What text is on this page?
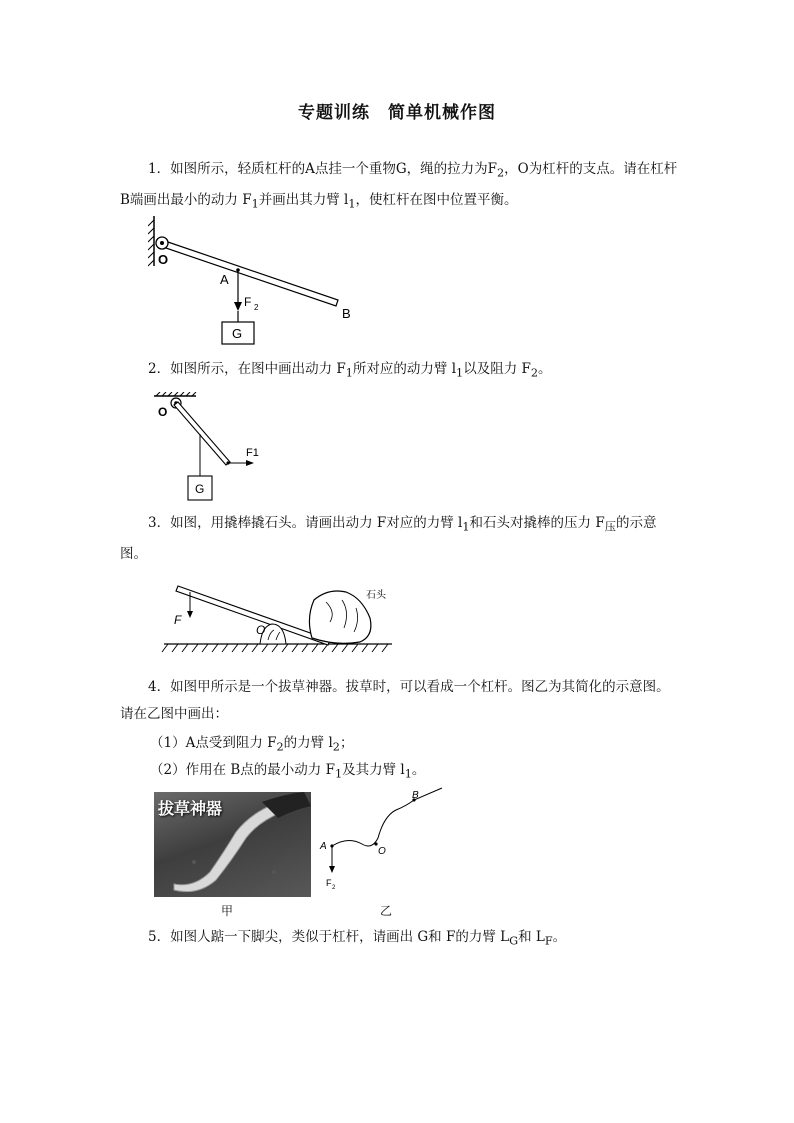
专题训练　简单机械作图
1．如图所示，轻质杠杆的A点挂一个重物G，绳的拉力为$F_2$，O为杠杆的支点。请在杠杆 B端画出最小的动力 $F_1$并画出其力臂 $l_1$，使杠杆在图中位置平衡。
O
A
F 2	B
G
2．如图所示，在图中画出动力 $F_1$所对应的动力臂 $l_1$以及阻力 $F_2$。
O
G
F1
3．如图，用撬棒撬石头。请画出动力 F对应的力臂 $l_1$和石头对撬棒的压力 $F_压$的示意图。
O
石头
F
4．如图甲所示是一个拔草神器。拔草时，可以看成一个杠杆。图乙为其简化的示意图。请在乙图中画出：
（1）A点受到阻力 $F_2$的力臂 $l_2$；
（2）作用在 B点的最小动力 $F_1$及其力臂 $l_1$。
拔草神器
甲
A	O
B
F 2
乙
5．如图人踮一下脚尖，类似于杠杆，请画出 G和 F的力臂 $L_G$和 $L_F$。
